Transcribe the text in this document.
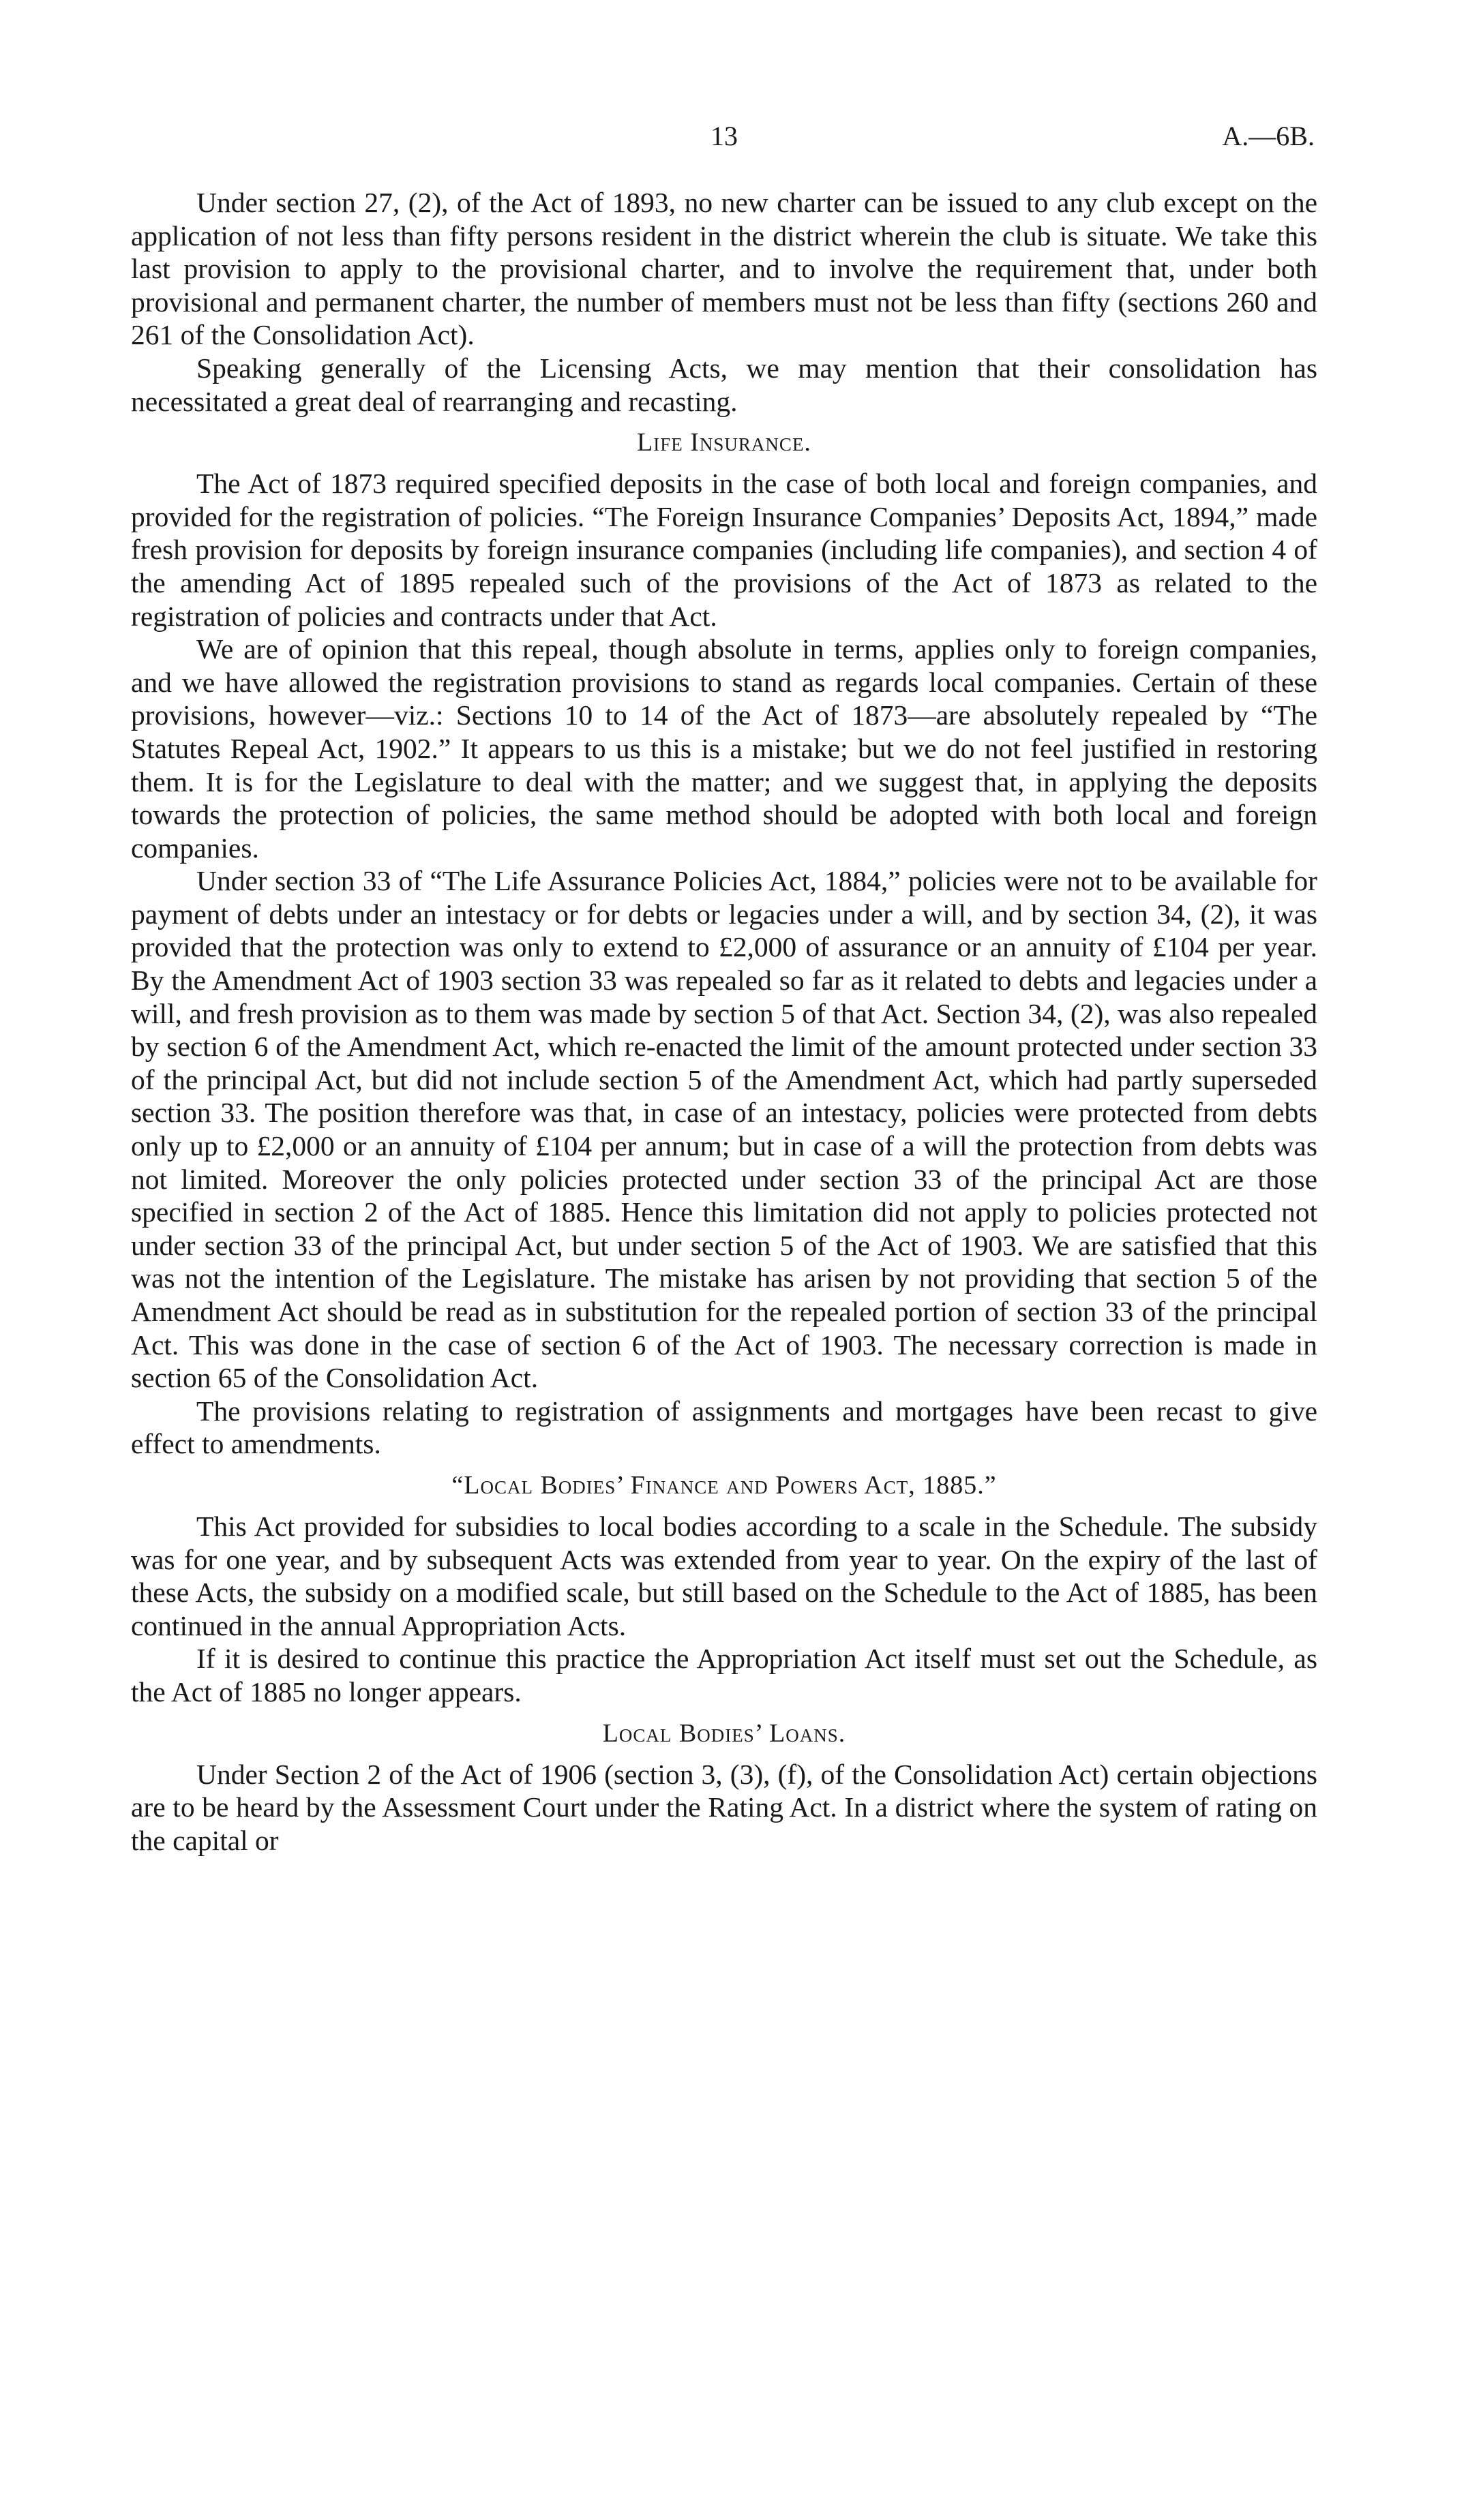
13	A.—6B.

Under section 27, (2), of the Act of 1893, no new charter can be issued to any club except on the application of not less than fifty persons resident in the district wherein the club is situate. We take this last provision to apply to the provisional charter, and to involve the requirement that, under both provisional and permanent charter, the number of members must not be less than fifty (sections 260 and 261 of the Consolidation Act).

Speaking generally of the Licensing Acts, we may mention that their consolidation has necessitated a great deal of rearranging and recasting.

Life Insurance.

The Act of 1873 required specified deposits in the case of both local and foreign companies, and provided for the registration of policies. “The Foreign Insurance Companies’ Deposits Act, 1894,” made fresh provision for deposits by foreign insurance companies (including life companies), and section 4 of the amending Act of 1895 repealed such of the provisions of the Act of 1873 as related to the registration of policies and contracts under that Act.

We are of opinion that this repeal, though absolute in terms, applies only to foreign companies, and we have allowed the registration provisions to stand as regards local companies. Certain of these provisions, however—viz.: Sections 10 to 14 of the Act of 1873—are absolutely repealed by “The Statutes Repeal Act, 1902.” It appears to us this is a mistake; but we do not feel justified in restoring them. It is for the Legislature to deal with the matter; and we suggest that, in applying the deposits towards the protection of policies, the same method should be adopted with both local and foreign companies.

Under section 33 of “The Life Assurance Policies Act, 1884,” policies were not to be available for payment of debts under an intestacy or for debts or legacies under a will, and by section 34, (2), it was provided that the protection was only to extend to £2,000 of assurance or an annuity of £104 per year. By the Amendment Act of 1903 section 33 was repealed so far as it related to debts and legacies under a will, and fresh provision as to them was made by section 5 of that Act. Section 34, (2), was also repealed by section 6 of the Amendment Act, which re-enacted the limit of the amount protected under section 33 of the principal Act, but did not include section 5 of the Amendment Act, which had partly superseded section 33. The position therefore was that, in case of an intestacy, policies were protected from debts only up to £2,000 or an annuity of £104 per annum; but in case of a will the protection from debts was not limited. Moreover the only policies protected under section 33 of the principal Act are those specified in section 2 of the Act of 1885. Hence this limitation did not apply to policies protected not under section 33 of the principal Act, but under section 5 of the Act of 1903. We are satisfied that this was not the intention of the Legislature. The mistake has arisen by not providing that section 5 of the Amendment Act should be read as in substitution for the repealed portion of section 33 of the principal Act. This was done in the case of section 6 of the Act of 1903. The necessary correction is made in section 65 of the Consolidation Act.

The provisions relating to registration of assignments and mortgages have been recast to give effect to amendments.

“Local Bodies’ Finance and Powers Act, 1885.”

This Act provided for subsidies to local bodies according to a scale in the Schedule. The subsidy was for one year, and by subsequent Acts was extended from year to year. On the expiry of the last of these Acts, the subsidy on a modified scale, but still based on the Schedule to the Act of 1885, has been continued in the annual Appropriation Acts.

If it is desired to continue this practice the Appropriation Act itself must set out the Schedule, as the Act of 1885 no longer appears.

Local Bodies’ Loans.

Under Section 2 of the Act of 1906 (section 3, (3), (f), of the Consolidation Act) certain objections are to be heard by the Assessment Court under the Rating Act. In a district where the system of rating on the capital or
